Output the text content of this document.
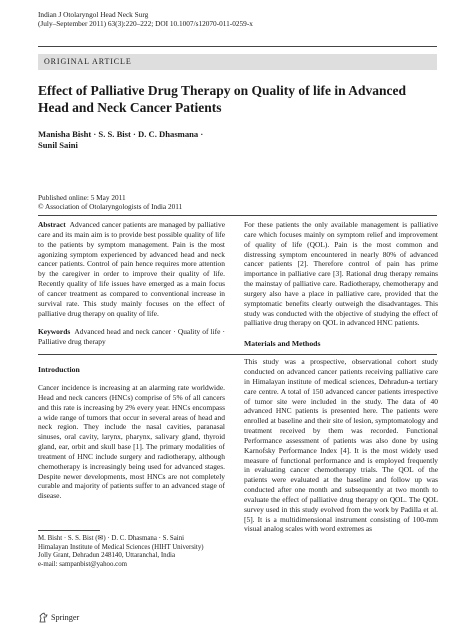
Indian J Otolaryngol Head Neck Surg
(July–September 2011) 63(3):220–222; DOI 10.1007/s12070-011-0259-x
ORIGINAL ARTICLE
Effect of Palliative Drug Therapy on Quality of life in Advanced Head and Neck Cancer Patients
Manisha Bisht · S. S. Bist · D. C. Dhasmana ·
Sunil Saini
Published online: 5 May 2011
© Association of Otolaryngologists of India 2011

Abstract Advanced cancer patients are managed by palliative care and its main aim is to provide best possible quality of life to the patients by symptom management. Pain is the most agonizing symptom experienced by advanced head and neck cancer patients. Control of pain hence requires more attention by the caregiver in order to improve their quality of life. Recently quality of life issues have emerged as a main focus of cancer treatment as compared to conventional increase in survival rate. This study mainly focuses on the effect of palliative drug therapy on quality of life.

Keywords Advanced head and neck cancer · Quality of life · Palliative drug therapy

Introduction

Cancer incidence is increasing at an alarming rate worldwide. Head and neck cancers (HNCs) comprise of 5% of all cancers and this rate is increasing by 2% every year. HNCs encompass a wide range of tumors that occur in several areas of head and neck region. They include the nasal cavities, paranasal sinuses, oral cavity, larynx, pharynx, salivary gland, thyroid gland, ear, orbit and skull base [1]. The primary modalities of treatment of HNC include surgery and radiotherapy, although chemotherapy is increasingly being used for advanced stages. Despite newer developments, most HNCs are not completely curable and majority of patients suffer to an advanced stage of disease.

For these patients the only available management is palliative care which focuses mainly on symptom relief and improvement of quality of life (QOL). Pain is the most common and distressing symptom encountered in nearly 80% of advanced cancer patients [2]. Therefore control of pain has prime importance in palliative care [3]. Rational drug therapy remains the mainstay of palliative care. Radiotherapy, chemotherapy and surgery also have a place in palliative care, provided that the symptomatic benefits clearly outweigh the disadvantages. This study was conducted with the objective of studying the effect of palliative drug therapy on QOL in advanced HNC patients.

Materials and Methods

This study was a prospective, observational cohort study conducted on advanced cancer patients receiving palliative care in Himalayan institute of medical sciences, Dehradun-a tertiary care centre. A total of 150 advanced cancer patients irrespective of tumor site were included in the study. The data of 40 advanced HNC patients is presented here. The patients were enrolled at baseline and their site of lesion, symptomatology and treatment received by them was recorded. Functional Performance assessment of patients was also done by using Karnofsky Performance Index [4]. It is the most widely used measure of functional performance and is employed frequently in evaluating cancer chemotherapy trials. The QOL of the patients were evaluated at the baseline and follow up was conducted after one month and subsequently at two month to evaluate the effect of palliative drug therapy on QOL. The QOL survey used in this study evolved from the work by Padilla et al. [5]. It is a multidimensional instrument consisting of 100-mm visual analog scales with word extremes as

M. Bisht · S. S. Bist (✉) · D. C. Dhasmana · S. Saini
Himalayan Institute of Medical Sciences (HIHT University)
Jolly Grant, Dehradun 248140, Uttaranchal, India
e-mail: sampanbist@yahoo.com
Springer
